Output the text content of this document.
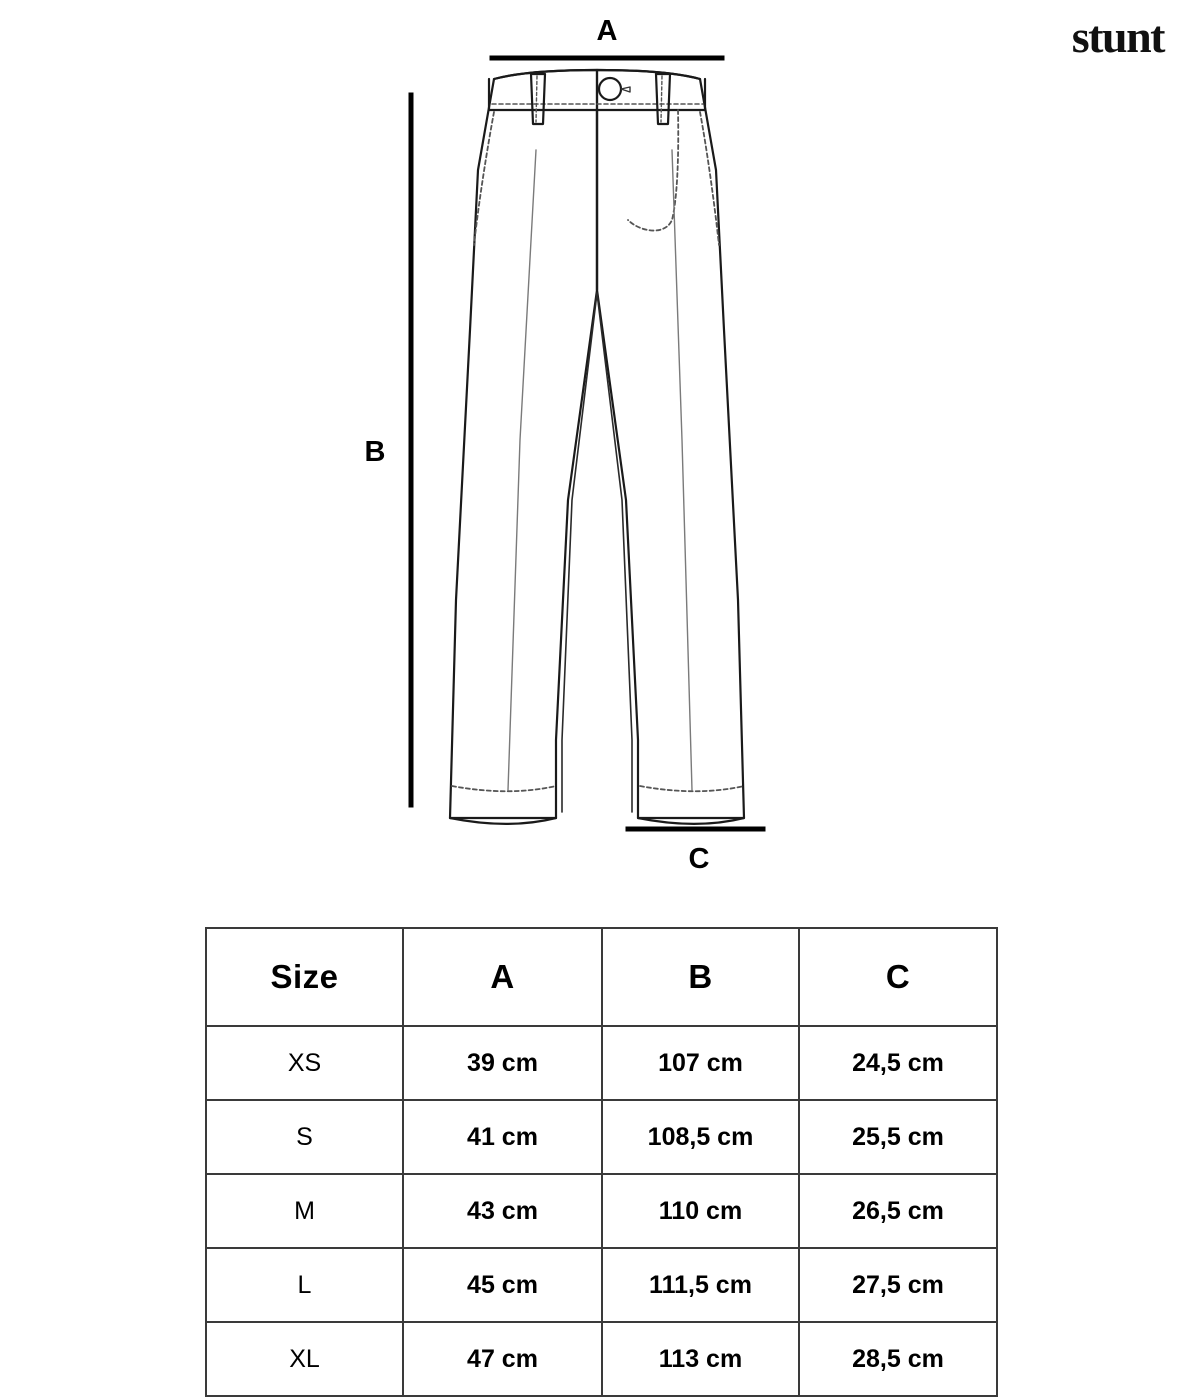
stunt
A
B
C
Size	A	B	C
XS	39 cm	107 cm	24,5 cm
S	41 cm	108,5 cm	25,5 cm
M	43 cm	110 cm	26,5 cm
L	45 cm	111,5 cm	27,5 cm
XL	47 cm	113 cm	28,5 cm
